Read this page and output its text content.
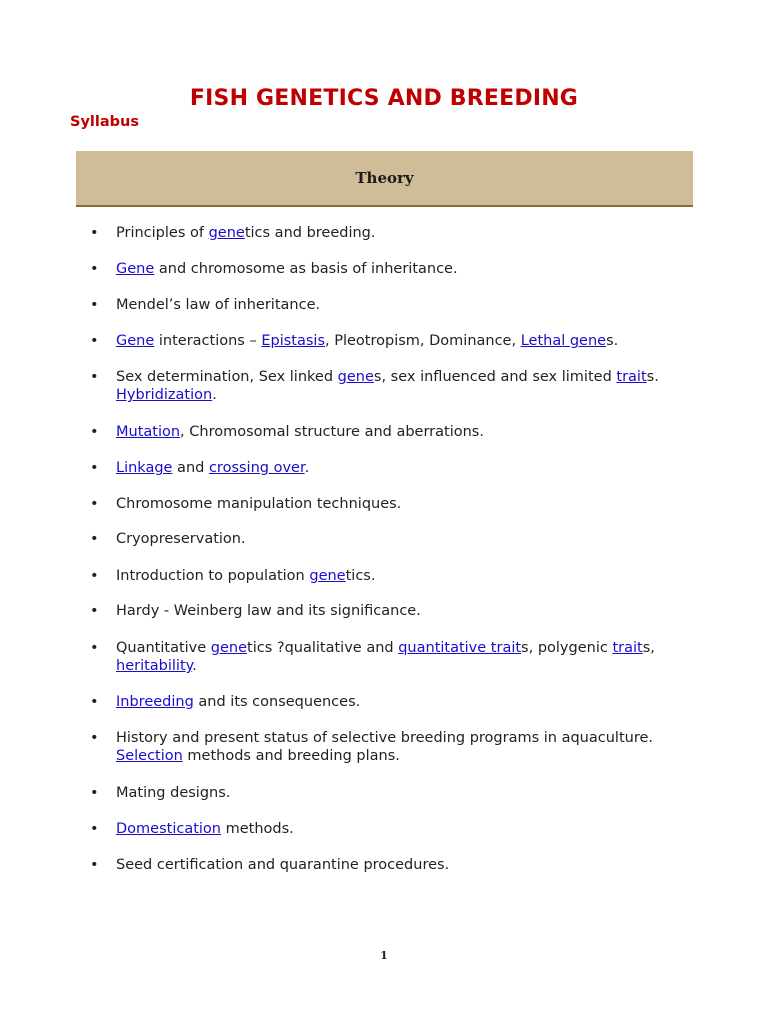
FISH GENETICS AND BREEDING
Syllabus
Theory
• Principles of genetics and breeding.
• Gene and chromosome as basis of inheritance.
• Mendel’s law of inheritance.
• Gene interactions – Epistasis, Pleotropism, Dominance, Lethal genes.
• Sex determination, Sex linked genes, sex influenced and sex limited traits. Hybridization.
• Mutation, Chromosomal structure and aberrations.
• Linkage and crossing over.
• Chromosome manipulation techniques.
• Cryopreservation.
• Introduction to population genetics.
• Hardy - Weinberg law and its significance.
• Quantitative genetics ?qualitative and quantitative traits, polygenic traits, heritability.
• Inbreeding and its consequences.
• History and present status of selective breeding programs in aquaculture. Selection methods and breeding plans.
• Mating designs.
• Domestication methods.
• Seed certification and quarantine procedures.
1
